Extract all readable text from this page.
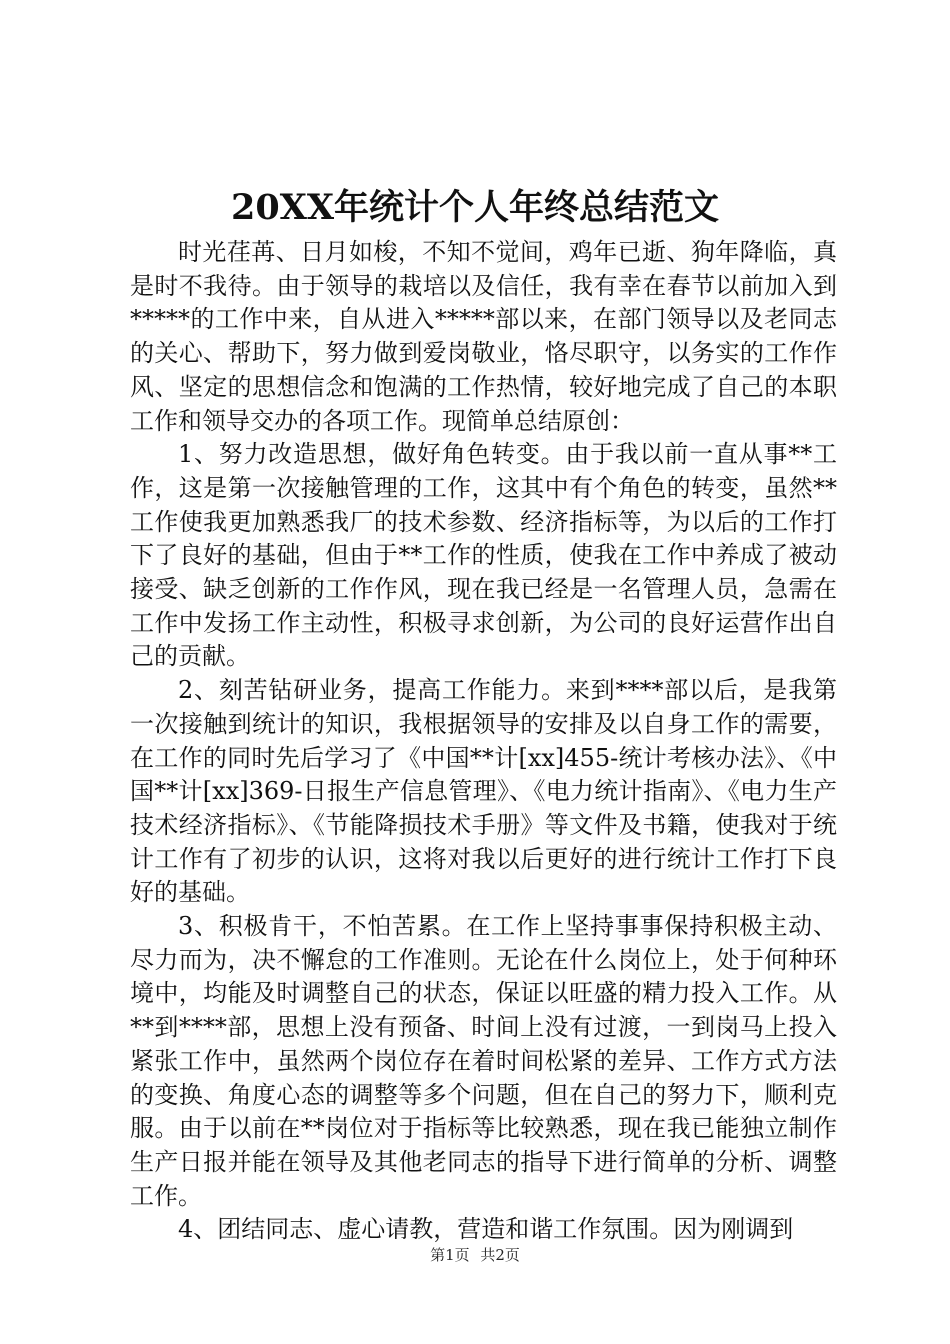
20XX年统计个人年终总结范文

时光荏苒、日月如梭，不知不觉间，鸡年已逝、狗年降临，真是时不我待。由于领导的栽培以及信任，我有幸在春节以前加入到*****的工作中来，自从进入*****部以来，在部门领导以及老同志的关心、帮助下，努力做到爱岗敬业，恪尽职守，以务实的工作作风、坚定的思想信念和饱满的工作热情，较好地完成了自己的本职工作和领导交办的各项工作。现简单总结原创：

1、努力改造思想，做好角色转变。由于我以前一直从事**工作，这是第一次接触管理的工作，这其中有个角色的转变，虽然**工作使我更加熟悉我厂的技术参数、经济指标等，为以后的工作打下了良好的基础，但由于**工作的性质，使我在工作中养成了被动接受、缺乏创新的工作作风，现在我已经是一名管理人员，急需在工作中发扬工作主动性，积极寻求创新，为公司的良好运营作出自己的贡献。

2、刻苦钻研业务，提高工作能力。来到****部以后，是我第一次接触到统计的知识，我根据领导的安排及以自身工作的需要，在工作的同时先后学习了《中国**计[xx]455-统计考核办法》、《中国**计[xx]369-日报生产信息管理》、《电力统计指南》、《电力生产技术经济指标》、《节能降损技术手册》等文件及书籍，使我对于统计工作有了初步的认识，这将对我以后更好的进行统计工作打下良好的基础。

3、积极肯干，不怕苦累。在工作上坚持事事保持积极主动、尽力而为，决不懈怠的工作准则。无论在什么岗位上，处于何种环境中，均能及时调整自己的状态，保证以旺盛的精力投入工作。从**到****部，思想上没有预备、时间上没有过渡，一到岗马上投入紧张工作中，虽然两个岗位存在着时间松紧的差异、工作方式方法的变换、角度心态的调整等多个问题，但在自己的努力下，顺利克服。由于以前在**岗位对于指标等比较熟悉，现在我已能独立制作生产日报并能在领导及其他老同志的指导下进行简单的分析、调整工作。

4、团结同志、虚心请教，营造和谐工作氛围。因为刚调到

第1页 共2页
